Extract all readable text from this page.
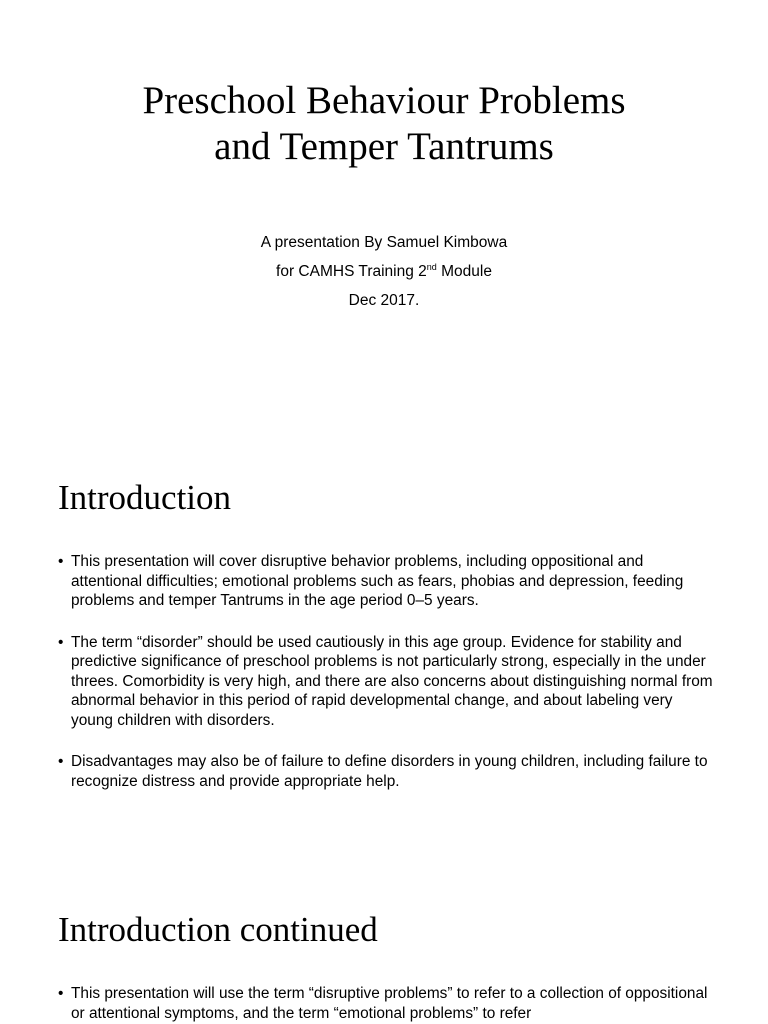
Preschool Behaviour Problems
and Temper Tantrums
A presentation By Samuel Kimbowa
for CAMHS Training 2nd Module
Dec 2017.
Introduction
• This presentation will cover disruptive behavior problems, including oppositional and attentional difficulties; emotional problems such as fears, phobias and depression, feeding problems and temper Tantrums in the age period 0–5 years.
• The term “disorder” should be used cautiously in this age group. Evidence for stability and predictive significance of preschool problems is not particularly strong, especially in the under threes. Comorbidity is very high, and there are also concerns about distinguishing normal from abnormal behavior in this period of rapid developmental change, and about labeling very young children with disorders.
• Disadvantages may also be of failure to define disorders in young children, including failure to recognize distress and provide appropriate help.
Introduction continued
• This presentation will use the term “disruptive problems” to refer to a collection of oppositional or attentional symptoms, and the term “emotional problems” to refer
